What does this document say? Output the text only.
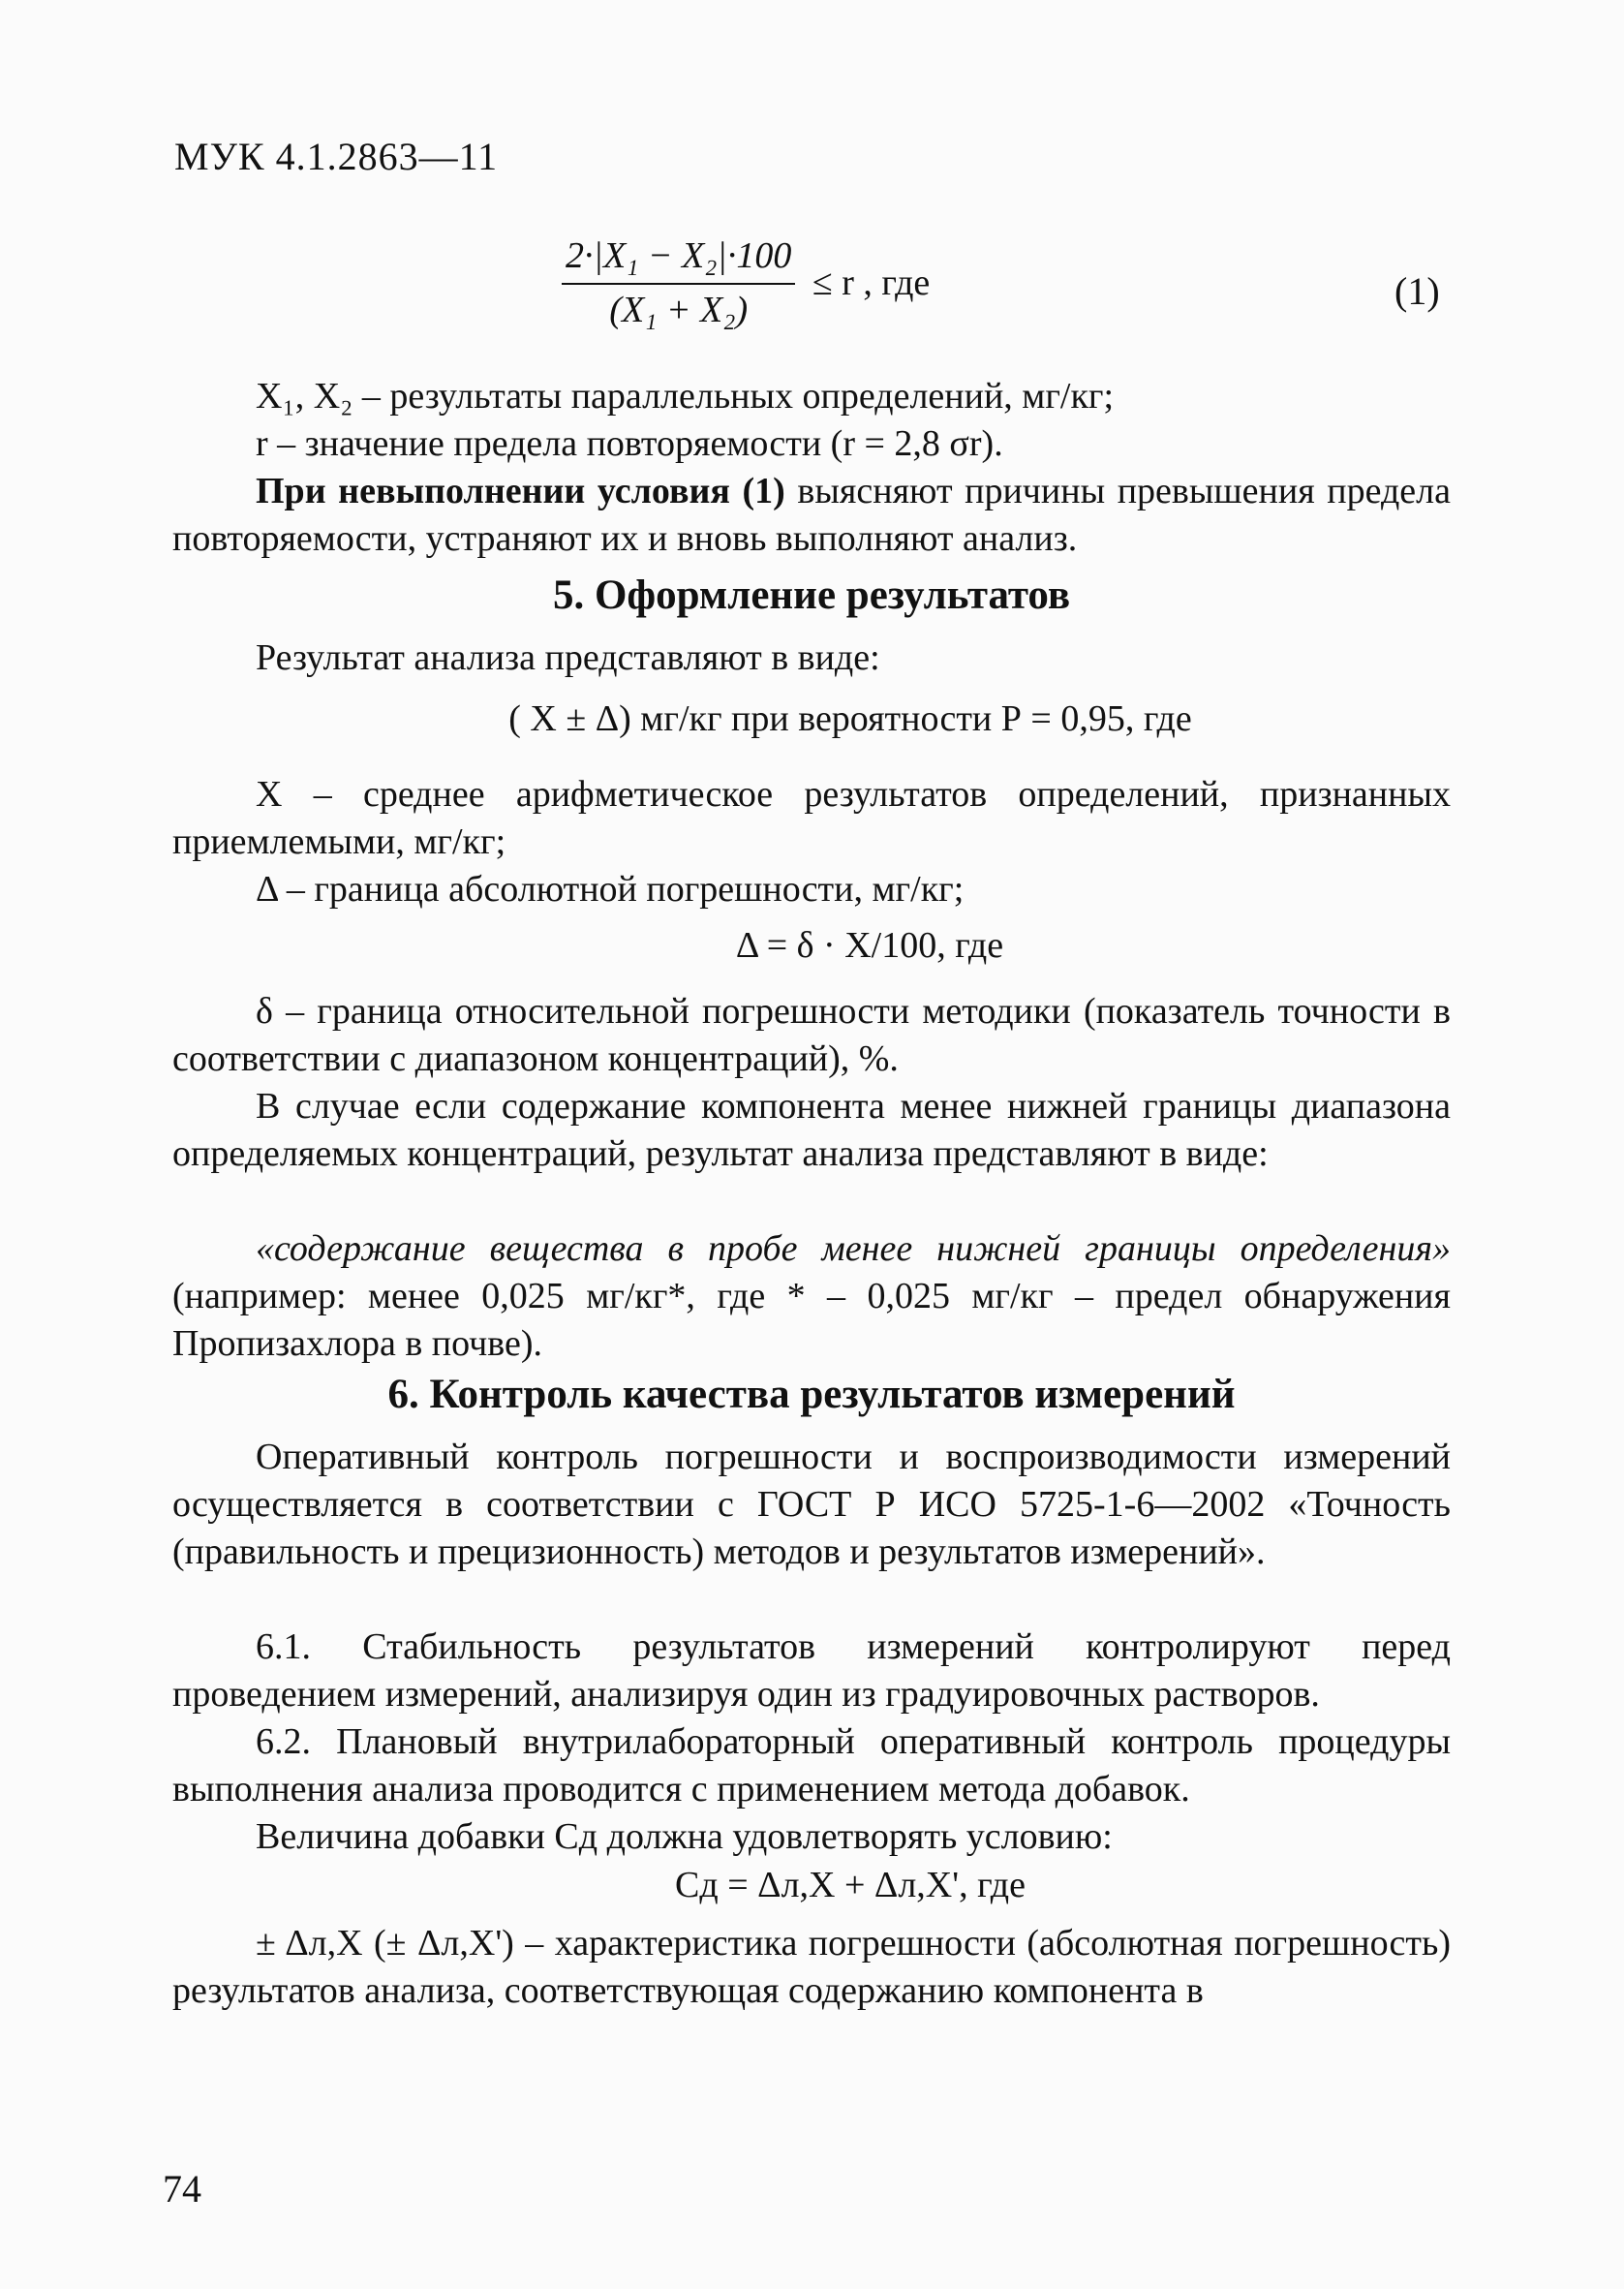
МУК 4.1.2863—11
$\frac{\text{2·|X₁ − X₂|·100}}{\text{(X₁ + X₂)}} \le r$ , где	(1)
X₁, X₂ – результаты параллельных определений, мг/кг;
r – значение предела повторяемости (r = 2,8 σr).
При невыполнении условия (1) выясняют причины превышения предела повторяемости, устраняют их и вновь выполняют анализ.
5. Оформление результатов
Результат анализа представляют в виде:
( X ± Δ) мг/кг при вероятности Р = 0,95, где
X – среднее арифметическое результатов определений, признанных приемлемыми, мг/кг;
Δ – граница абсолютной погрешности, мг/кг;
Δ = δ · X/100, где
δ – граница относительной погрешности методики (показатель точности в соответствии с диапазоном концентраций), %.
В случае если содержание компонента менее нижней границы диапазона определяемых концентраций, результат анализа представляют в виде:
«содержание вещества в пробе менее нижней границы определения» (например: менее 0,025 мг/кг*, где * – 0,025 мг/кг – предел обнаружения Пропизахлора в почве).
6. Контроль качества результатов измерений
Оперативный контроль погрешности и воспроизводимости измерений осуществляется в соответствии с ГОСТ Р ИСО 5725-1-6—2002 «Точность (правильность и прецизионность) методов и результатов измерений».
6.1. Стабильность результатов измерений контролируют перед проведением измерений, анализируя один из градуировочных растворов.
6.2. Плановый внутрилабораторный оперативный контроль процедуры выполнения анализа проводится с применением метода добавок.
Величина добавки Сд должна удовлетворять условию:
Сд = Δл,Х + Δл,Х', где
± Δл,Х (± Δл,Х') – характеристика погрешности (абсолютная погрешность) результатов анализа, соответствующая содержанию компонента в
74
